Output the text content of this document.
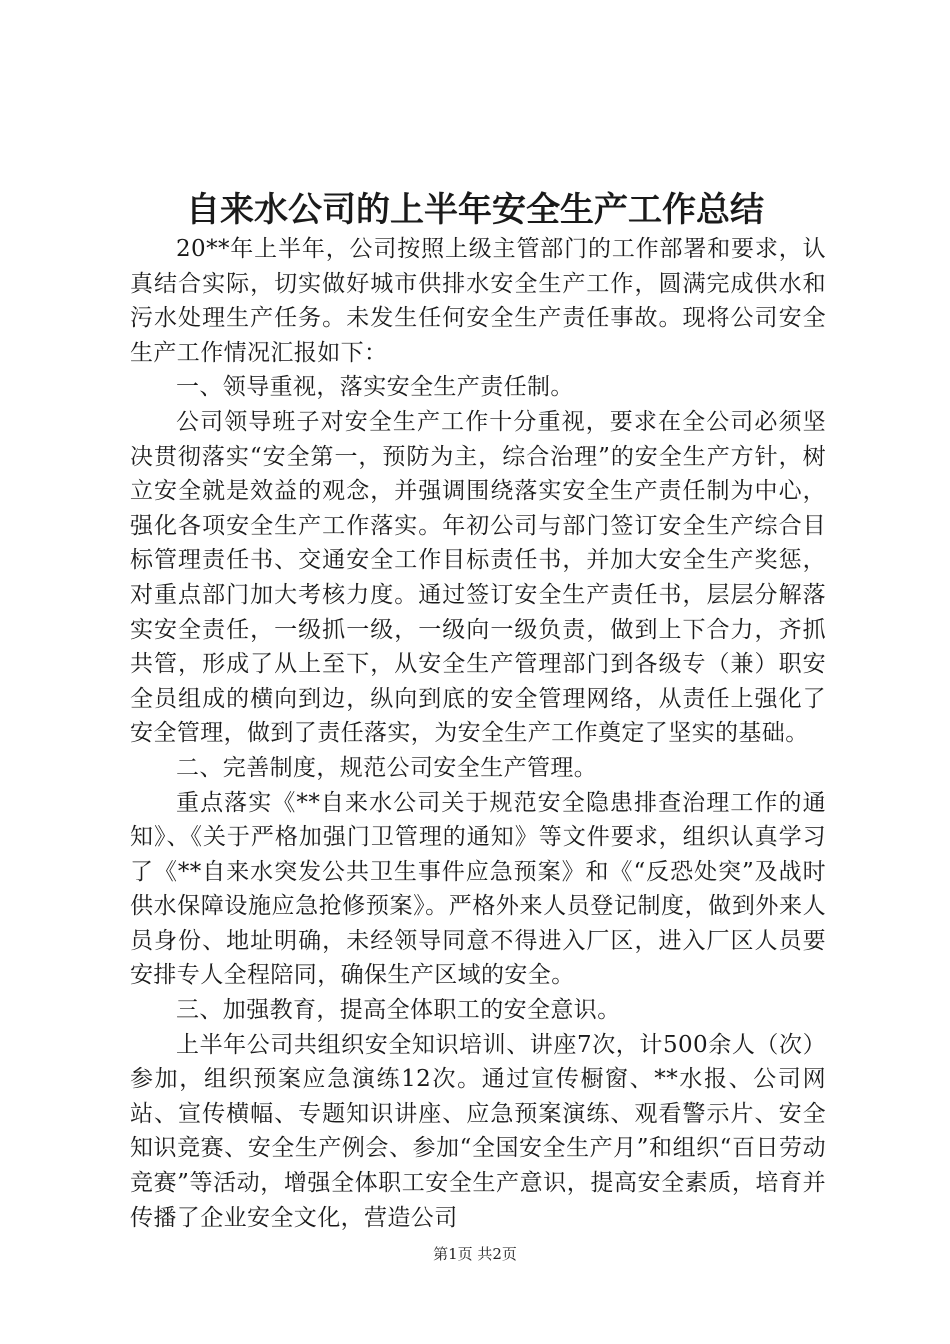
自来水公司的上半年安全生产工作总结

20**年上半年，公司按照上级主管部门的工作部署和要求，认真结合实际，切实做好城市供排水安全生产工作，圆满完成供水和污水处理生产任务。未发生任何安全生产责任事故。现将公司安全生产工作情况汇报如下：

一、领导重视，落实安全生产责任制。

公司领导班子对安全生产工作十分重视，要求在全公司必须坚决贯彻落实“安全第一，预防为主，综合治理”的安全生产方针，树立安全就是效益的观念，并强调围绕落实安全生产责任制为中心，强化各项安全生产工作落实。年初公司与部门签订安全生产综合目标管理责任书、交通安全工作目标责任书，并加大安全生产奖惩，对重点部门加大考核力度。通过签订安全生产责任书，层层分解落实安全责任，一级抓一级，一级向一级负责，做到上下合力，齐抓共管，形成了从上至下，从安全生产管理部门到各级专（兼）职安全员组成的横向到边，纵向到底的安全管理网络，从责任上强化了安全管理，做到了责任落实，为安全生产工作奠定了坚实的基础。

二、完善制度，规范公司安全生产管理。

重点落实《**自来水公司关于规范安全隐患排查治理工作的通知》、《关于严格加强门卫管理的通知》等文件要求，组织认真学习了《**自来水突发公共卫生事件应急预案》和《“反恐处突”及战时供水保障设施应急抢修预案》。严格外来人员登记制度，做到外来人员身份、地址明确，未经领导同意不得进入厂区，进入厂区人员要安排专人全程陪同，确保生产区域的安全。

三、加强教育，提高全体职工的安全意识。

上半年公司共组织安全知识培训、讲座7次，计500余人（次）参加，组织预案应急演练12次。通过宣传橱窗、**水报、公司网站、宣传横幅、专题知识讲座、应急预案演练、观看警示片、安全知识竞赛、安全生产例会、参加“全国安全生产月”和组织“百日劳动竞赛”等活动，增强全体职工安全生产意识，提高安全素质，培育并传播了企业安全文化，营造公司

第1页 共2页
